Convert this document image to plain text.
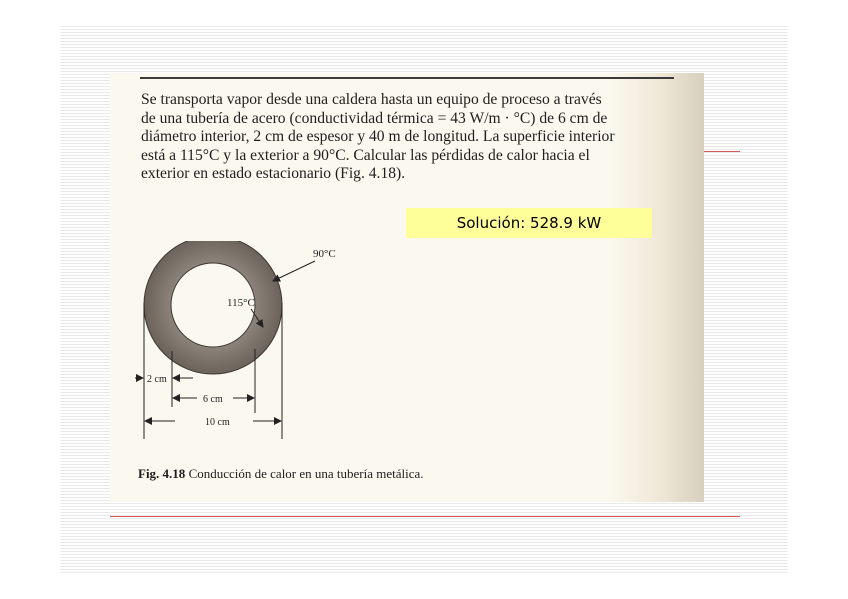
Se transporta vapor desde una caldera hasta un equipo de proceso a través
de una tubería de acero (conductividad térmica = 43 W/m · °C) de 6 cm de
diámetro interior, 2 cm de espesor y 40 m de longitud. La superficie interior
está a 115°C y la exterior a 90°C. Calcular las pérdidas de calor hacia el
exterior en estado estacionario (Fig. 4.18).
Solución: 528.9 kW
90°C
115°C
2 cm
6 cm
10 cm
Fig. 4.18 Conducción de calor en una tubería metálica.
